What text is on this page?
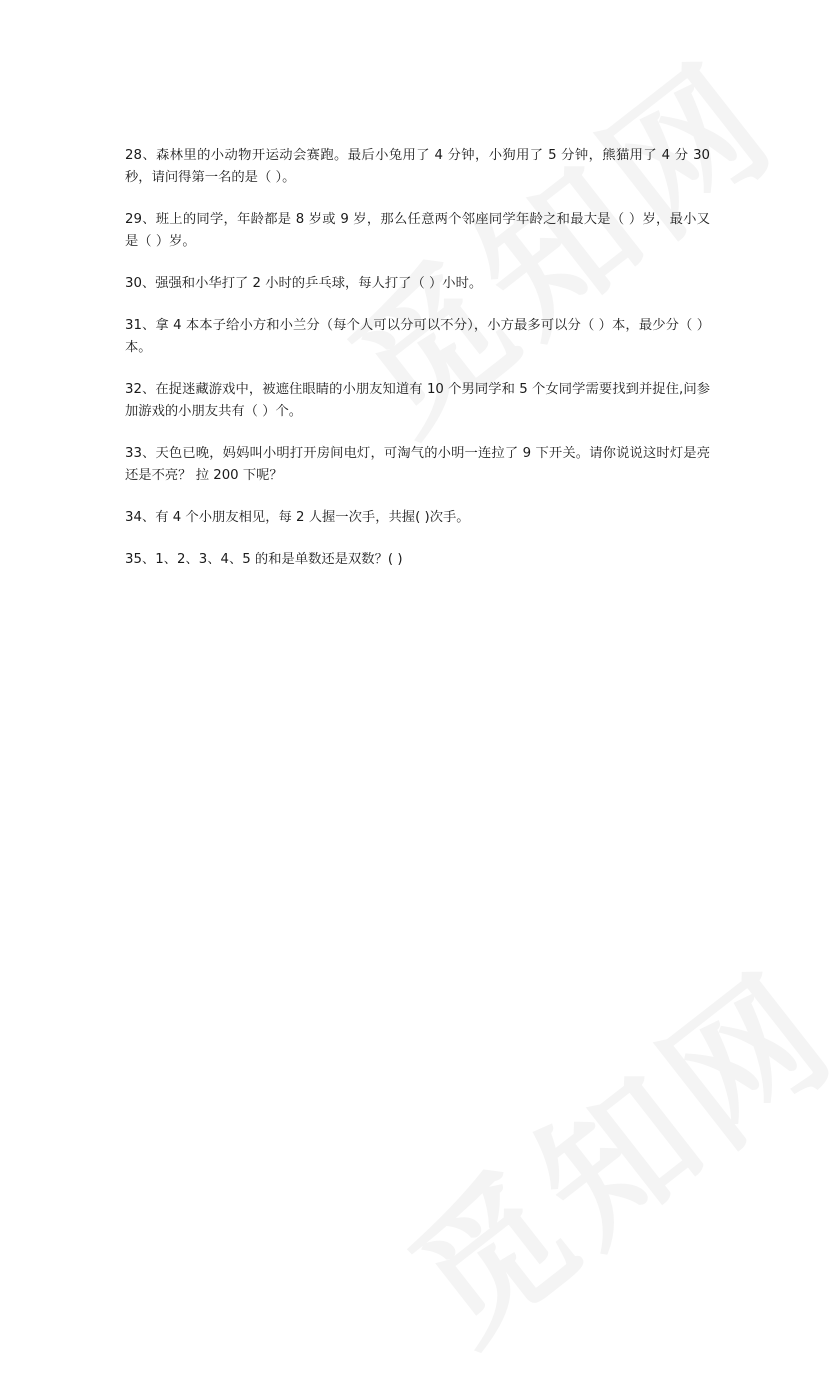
28、森林里的小动物开运动会赛跑。最后小兔用了 4 分钟，小狗用了 5 分钟，熊猫用了 4 分 30 秒，请问得第一名的是（ ）。

29、班上的同学，年龄都是 8 岁或 9 岁，那么任意两个邻座同学年龄之和最大是（ ）岁，最小又是（ ）岁。

30、强强和小华打了 2 小时的乒乓球，每人打了（ ）小时。

31、拿 4 本本子给小方和小兰分（每个人可以分可以不分），小方最多可以分（ ）本，最少分（ ）本。

32、在捉迷藏游戏中，被遮住眼睛的小朋友知道有 10 个男同学和 5 个女同学需要找到并捉住,问参加游戏的小朋友共有（ ）个。

33、天色已晚，妈妈叫小明打开房间电灯，可淘气的小明一连拉了 9 下开关。请你说说这时灯是亮还是不亮？ 拉 200 下呢？

34、有 4 个小朋友相见，每 2 人握一次手，共握( )次手。

35、1、2、3、4、5 的和是单数还是双数？( )
